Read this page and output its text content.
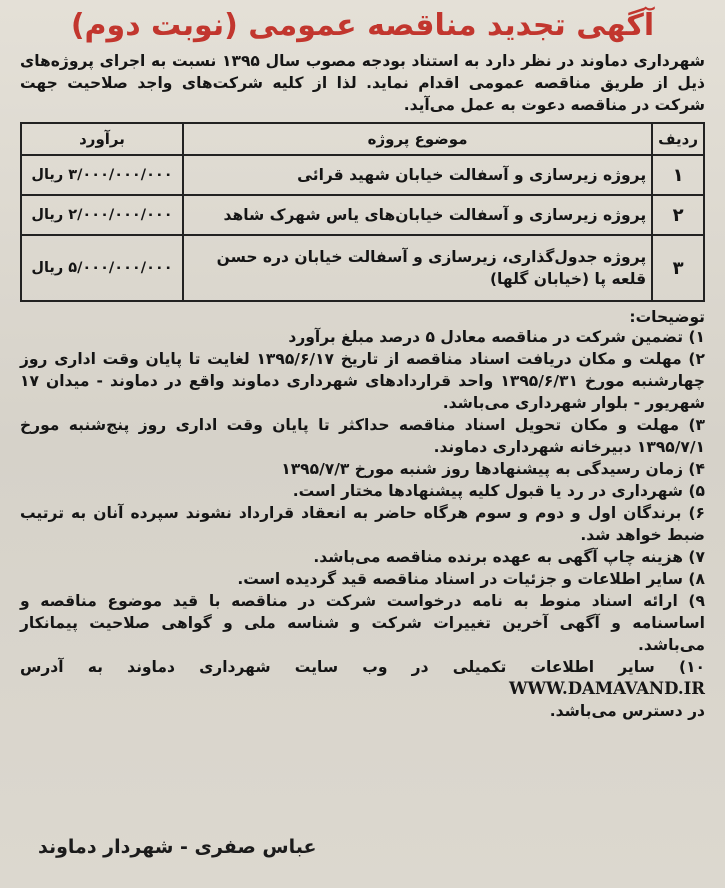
آگهی تجدید مناقصه عمومی (نوبت دوم)
شهرداری دماوند در نظر دارد به استناد بودجه مصوب سال ۱۳۹۵ نسبت به اجرای پروژه‌های ذیل از طریق مناقصه عمومی اقدام نماید. لذا از کلیه شرکت‌های واجد صلاحیت جهت شرکت در مناقصه دعوت به عمل می‌آید.
ردیف	موضوع پروژه	برآورد
۱	پروژه زیرسازی و آسفالت خیابان شهید قرائی	۳/۰۰۰/۰۰۰/۰۰۰ ریال
۲	پروژه زیرسازی و آسفالت خیابان‌های یاس شهرک شاهد	۲/۰۰۰/۰۰۰/۰۰۰ ریال
۳	پروژه جدول‌گذاری، زیرسازی و آسفالت خیابان دره حسن قلعه پا (خیابان گلها)	۵/۰۰۰/۰۰۰/۰۰۰ ریال
توضیحات:
۱) تضمین شرکت در مناقصه معادل ۵ درصد مبلغ برآورد
۲) مهلت و مکان دریافت اسناد مناقصه از تاریخ ۱۳۹۵/۶/۱۷ لغایت تا پایان وقت اداری روز چهارشنبه مورخ ۱۳۹۵/۶/۳۱ واحد قراردادهای شهرداری دماوند واقع در دماوند - میدان ۱۷ شهریور - بلوار شهرداری می‌باشد.
۳) مهلت و مکان تحویل اسناد مناقصه حداکثر تا پایان وقت اداری روز پنج‌شنبه مورخ ۱۳۹۵/۷/۱ دبیرخانه شهرداری دماوند.
۴) زمان رسیدگی به پیشنهادها روز شنبه مورخ ۱۳۹۵/۷/۳
۵) شهرداری در رد یا قبول کلیه پیشنهادها مختار است.
۶) برندگان اول و دوم و سوم هرگاه حاضر به انعقاد قرارداد نشوند سپرده آنان به ترتیب ضبط خواهد شد.
۷) هزینه چاپ آگهی به عهده برنده مناقصه می‌باشد.
۸) سایر اطلاعات و جزئیات در اسناد مناقصه قید گردیده است.
۹) ارائه اسناد منوط به نامه درخواست شرکت در مناقصه با قید موضوع مناقصه و اساسنامه و آگهی آخرین تغییرات شرکت و شناسه ملی و گواهی صلاحیت پیمانکار می‌باشد.
۱۰) سایر اطلاعات تکمیلی در وب سایت شهرداری دماوند به آدرس WWW.DAMAVAND.IR
در دسترس می‌باشد.
عباس صفری - شهردار دماوند
